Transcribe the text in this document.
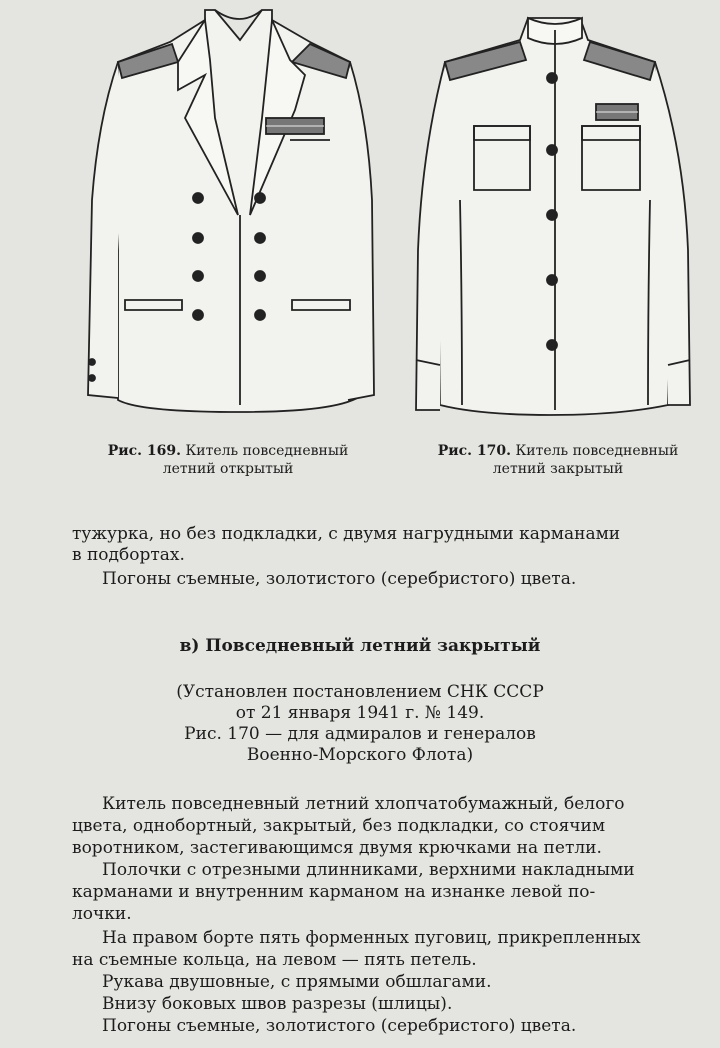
Рис. 169. Китель повседневный
летний открытый
Рис. 170. Китель повседневный
летний закрытый
тужурка, но без подкладки, с двумя нагрудными карманами
в подбортах.
Погоны съемные, золотистого (серебристого) цвета.
в) Повседневный летний закрытый
(Установлен постановлением СНК СССР
от 21 января 1941 г. № 149.
Рис. 170 — для адмиралов и генералов
Военно-Морского Флота)
Китель повседневный летний хлопчатобумажный, белого
цвета, однобортный, закрытый, без подкладки, со стоячим
воротником, застегивающимся двумя крючками на петли.
Полочки с отрезными длинниками, верхними накладными
карманами и внутренним карманом на изнанке левой по-
лочки.
На правом борте пять форменных пуговиц, прикрепленных
на съемные кольца, на левом — пять петель.
Рукава двушовные, с прямыми обшлагами.
Внизу боковых швов разрезы (шлицы).
Погоны съемные, золотистого (серебристого) цвета.
